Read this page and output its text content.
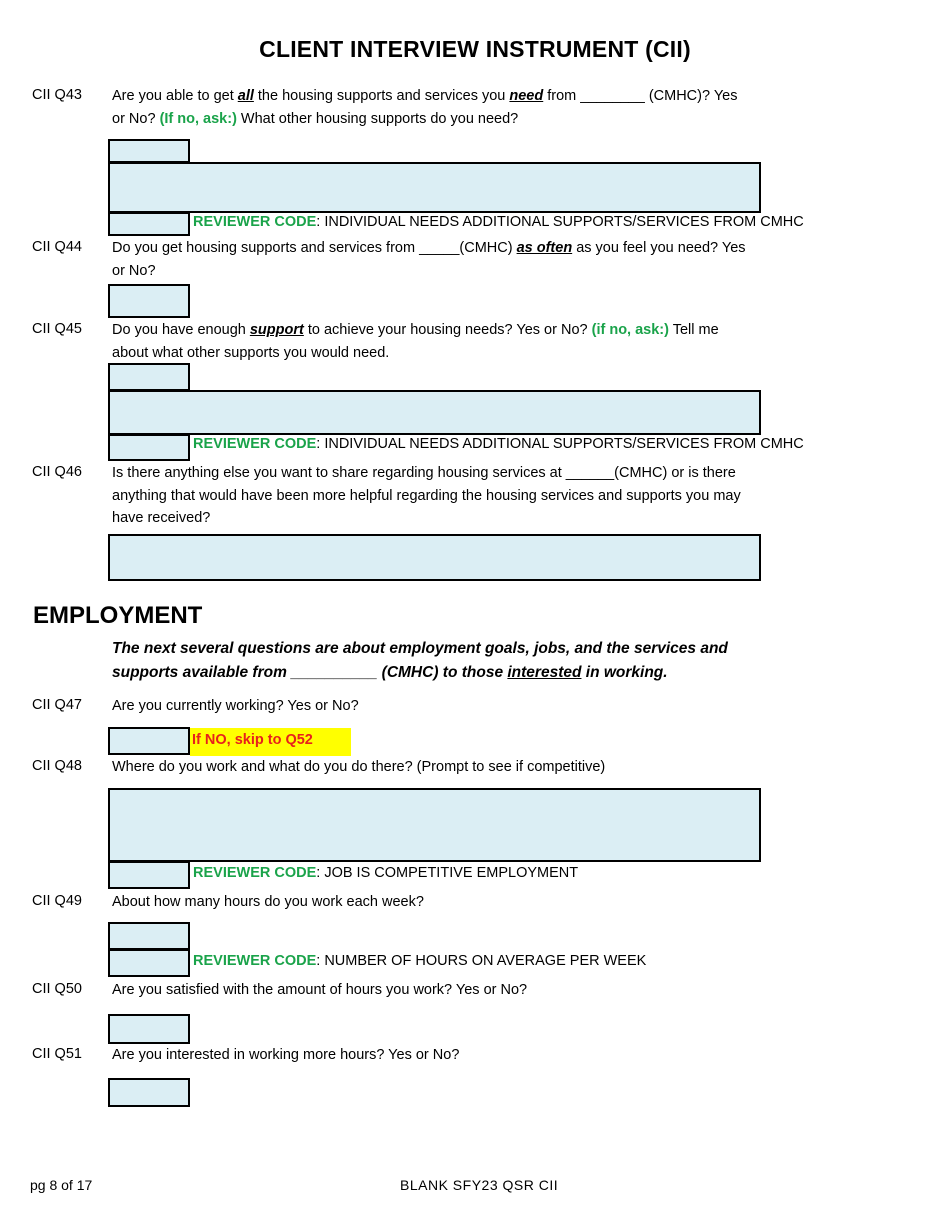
CLIENT INTERVIEW INSTRUMENT (CII)
CII Q43 Are you able to get all the housing supports and services you need from ________ (CMHC)? Yes or No? (If no, ask:) What other housing supports do you need?
REVIEWER CODE: INDIVIDUAL NEEDS ADDITIONAL SUPPORTS/SERVICES FROM CMHC
CII Q44 Do you get housing supports and services from _____(CMHC) as often as you feel you need? Yes or No?
CII Q45 Do you have enough support to achieve your housing needs? Yes or No? (if no, ask:) Tell me about what other supports you would need.
REVIEWER CODE: INDIVIDUAL NEEDS ADDITIONAL SUPPORTS/SERVICES FROM CMHC
CII Q46 Is there anything else you want to share regarding housing services at ______(CMHC) or is there anything that would have been more helpful regarding the housing services and supports you may have received?
EMPLOYMENT
The next several questions are about employment goals, jobs, and the services and supports available from __________ (CMHC) to those interested in working.
CII Q47 Are you currently working? Yes or No?
If NO, skip to Q52
CII Q48 Where do you work and what do you do there? (Prompt to see if competitive)
REVIEWER CODE: JOB IS COMPETITIVE EMPLOYMENT
CII Q49 About how many hours do you work each week?
REVIEWER CODE: NUMBER OF HOURS ON AVERAGE PER WEEK
CII Q50 Are you satisfied with the amount of hours you work? Yes or No?
CII Q51 Are you interested in working more hours? Yes or No?
pg 8 of 17	BLANK SFY23 QSR CII
